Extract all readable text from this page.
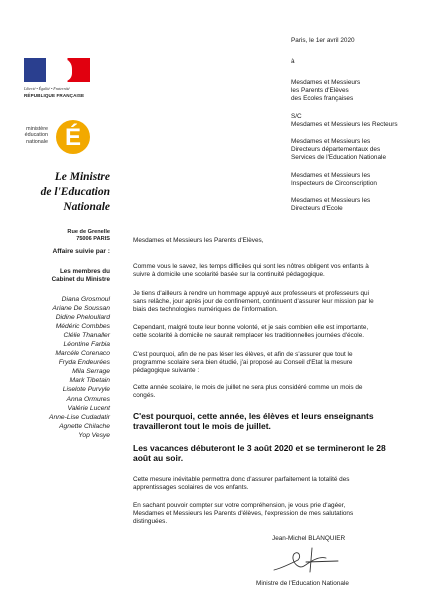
Liberté • Égalité • Fraternité
RÉPUBLIQUE FRANÇAISE
ministère
éducation
nationale É
Le Ministre
de l'Education
Nationale
Rue de Grenelle
75006 PARIS
Affaire suivie par :
Les membres du
Cabinet du Ministre
Diana Grosmoul
Ariane De Soussan
Didine Pheloullard
Médéric Combbes
Clélie Thanaller
Léontine Farbia
Marcéle Corenaco
Fryda Endeurées
Mila Serrage
Mark Tibetain
Liselote Purvyle
Anna Ormures
Valérie Lucent
Anne-Lise Cudadatir
Agnette Chilache
Yop Vesye
Paris, le 1er avril 2020
à
Mesdames et Messieurs
les Parents d'Elèves
des Ecoles françaises
S/C
Mesdames et Messieurs les Recteurs
Mesdames et Messieurs les
Directeurs départementaux des
Services de l'Education Nationale
Mesdames et Messieurs les
Inspecteurs de Circonscription
Mesdames et Messieurs les
Directeurs d'Ecole
Mesdames et Messieurs les Parents d'Elèves,

Comme vous le savez, les temps difficiles qui sont les nôtres obligent vos enfants à

suivre à domicile une scolarité basée sur la continuité pédagogique.

Je tiens d'ailleurs à rendre un hommage appuyé aux professeurs et professeurs qui

sans relâche, jour après jour de confinement, continuent d'assurer leur mission par le

biais des technologies numériques de l'information.

Cependant, malgré toute leur bonne volonté, et je sais combien elle est importante,

cette scolarité à domicile ne saurait remplacer les traditionnelles journées d'école.

C'est pourquoi, afin de ne pas léser les élèves, et afin de s'assurer que tout le

programme scolaire sera bien étudié, j'ai proposé au Conseil d'Etat la mesure

pédagogique suivante :

Cette année scolaire, le mois de juillet ne sera plus considéré comme un mois de

congés.

C'est pourquoi, cette année, les élèves et leurs enseignants

travailleront tout le mois de juillet.

Les vacances débuteront le 3 août 2020 et se termineront le 28

août au soir.

Cette mesure inévitable permettra donc d'assurer parfaitement la totalité des

apprentissages scolaires de vos enfants.

En sachant pouvoir compter sur votre compréhension, je vous prie d'agéer,

Mesdames et Messieurs les Parents d'élèves, l'expression de mes salutations

distinguées.

Jean-Michel BLANQUIER
Ministre de l'Education Nationale
